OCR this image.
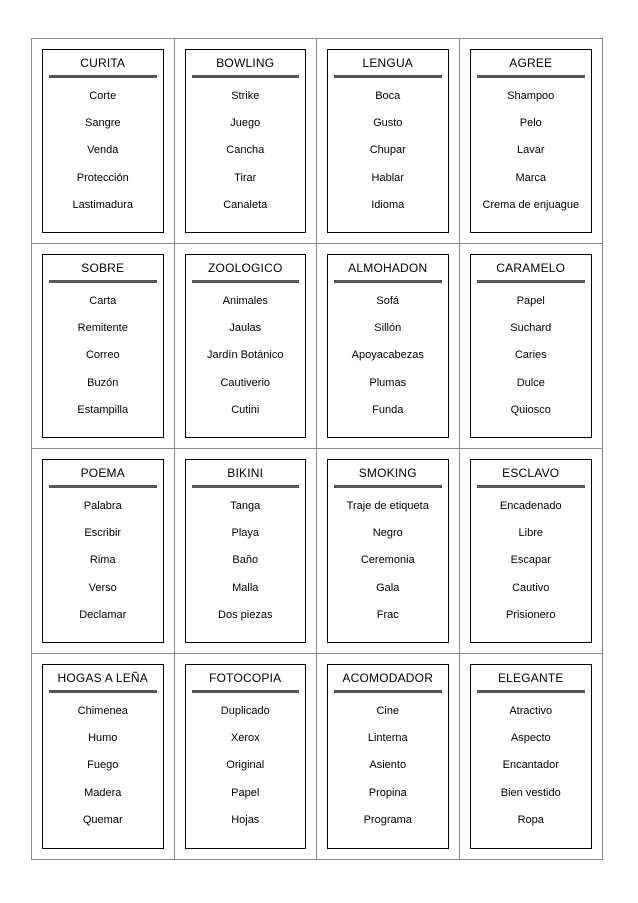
CURITA
Corte
Sangre
Venda
Protección
Lastimadura
BOWLING
Strike
Juego
Cancha
Tirar
Canaleta
LENGUA
Boca
Gusto
Chupar
Hablar
Idioma
AGREE
Shampoo
Pelo
Lavar
Marca
Crema de enjuague
SOBRE
Carta
Remitente
Correo
Buzón
Estampilla
ZOOLOGICO
Animales
Jaulas
Jardín Botánico
Cautiverio
Cutini
ALMOHADON
Sofá
Sillón
Apoyacabezas
Plumas
Funda
CARAMELO
Papel
Suchard
Caries
Dulce
Quiosco
POEMA
Palabra
Escribir
Rima
Verso
Declamar
BIKINI
Tanga
Playa
Baño
Malla
Dos piezas
SMOKING
Traje de etiqueta
Negro
Ceremonia
Gala
Frac
ESCLAVO
Encadenado
Libre
Escapar
Cautivo
Prisionero
HOGAS A LEÑA
Chimenea
Humo
Fuego
Madera
Quemar
FOTOCOPIA
Duplicado
Xerox
Original
Papel
Hojas
ACOMODADOR
Cine
Linterna
Asiento
Propina
Programa
ELEGANTE
Atractivo
Aspecto
Encantador
Bien vestido
Ropa
